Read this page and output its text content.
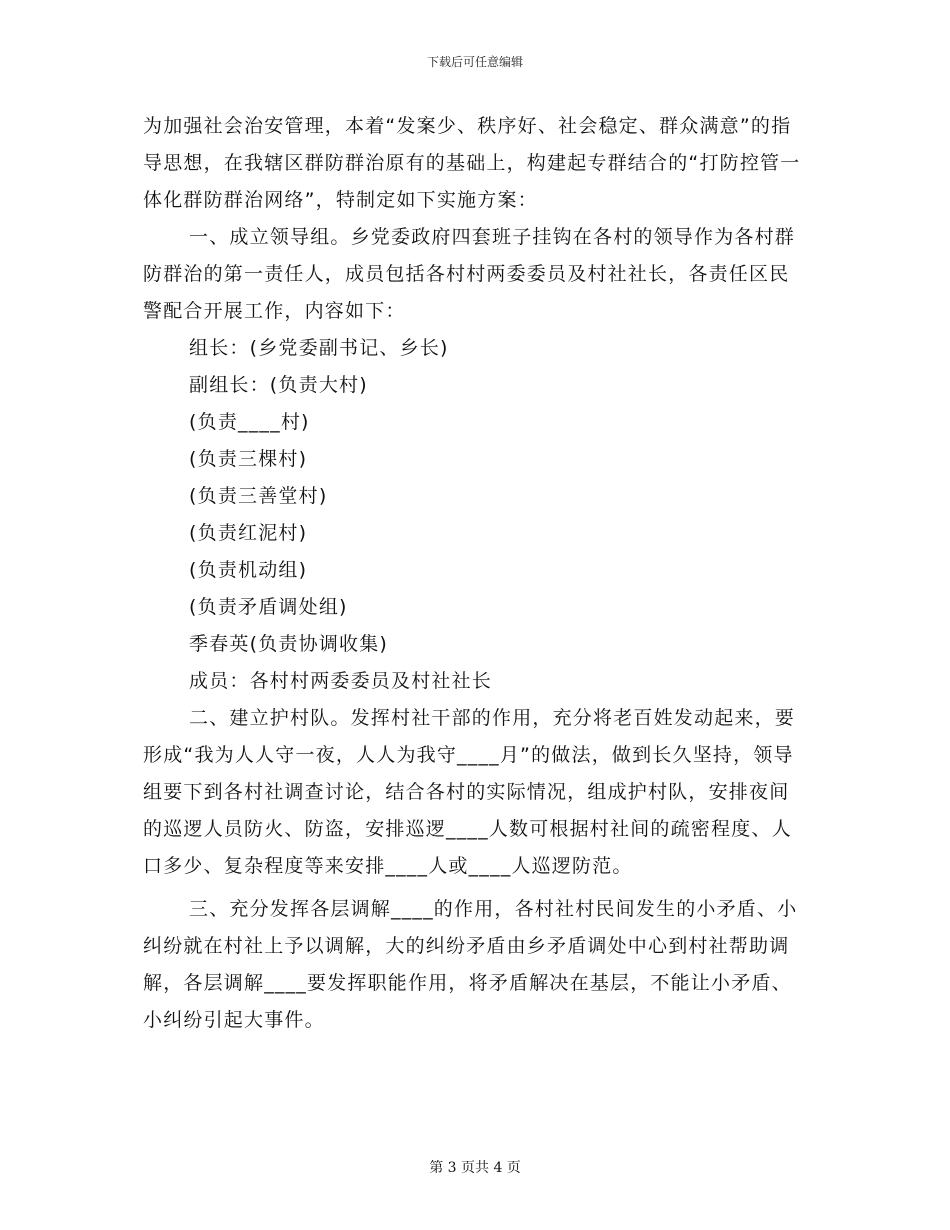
下载后可任意编辑

为加强社会治安管理，本着“发案少、秩序好、社会稳定、群众满意”的指导思想，在我辖区群防群治原有的基础上，构建起专群结合的“打防控管一体化群防群治网络”，特制定如下实施方案：

一、成立领导组。乡党委政府四套班子挂钩在各村的领导作为各村群防群治的第一责任人，成员包括各村村两委委员及村社社长，各责任区民警配合开展工作，内容如下：

组长：(乡党委副书记、乡长)

副组长：(负责大村)

(负责____村)

(负责三棵村)

(负责三善堂村)

(负责红泥村)

(负责机动组)

(负责矛盾调处组)

季春英(负责协调收集)

成员：各村村两委委员及村社社长

二、建立护村队。发挥村社干部的作用，充分将老百姓发动起来，要形成“我为人人守一夜，人人为我守____月”的做法，做到长久坚持，领导组要下到各村社调查讨论，结合各村的实际情况，组成护村队，安排夜间的巡逻人员防火、防盗，安排巡逻____人数可根据村社间的疏密程度、人口多少、复杂程度等来安排____人或____人巡逻防范。

三、充分发挥各层调解____的作用，各村社村民间发生的小矛盾、小纠纷就在村社上予以调解，大的纠纷矛盾由乡矛盾调处中心到村社帮助调解，各层调解____要发挥职能作用，将矛盾解决在基层，不能让小矛盾、小纠纷引起大事件。

第 3 页共 4 页
